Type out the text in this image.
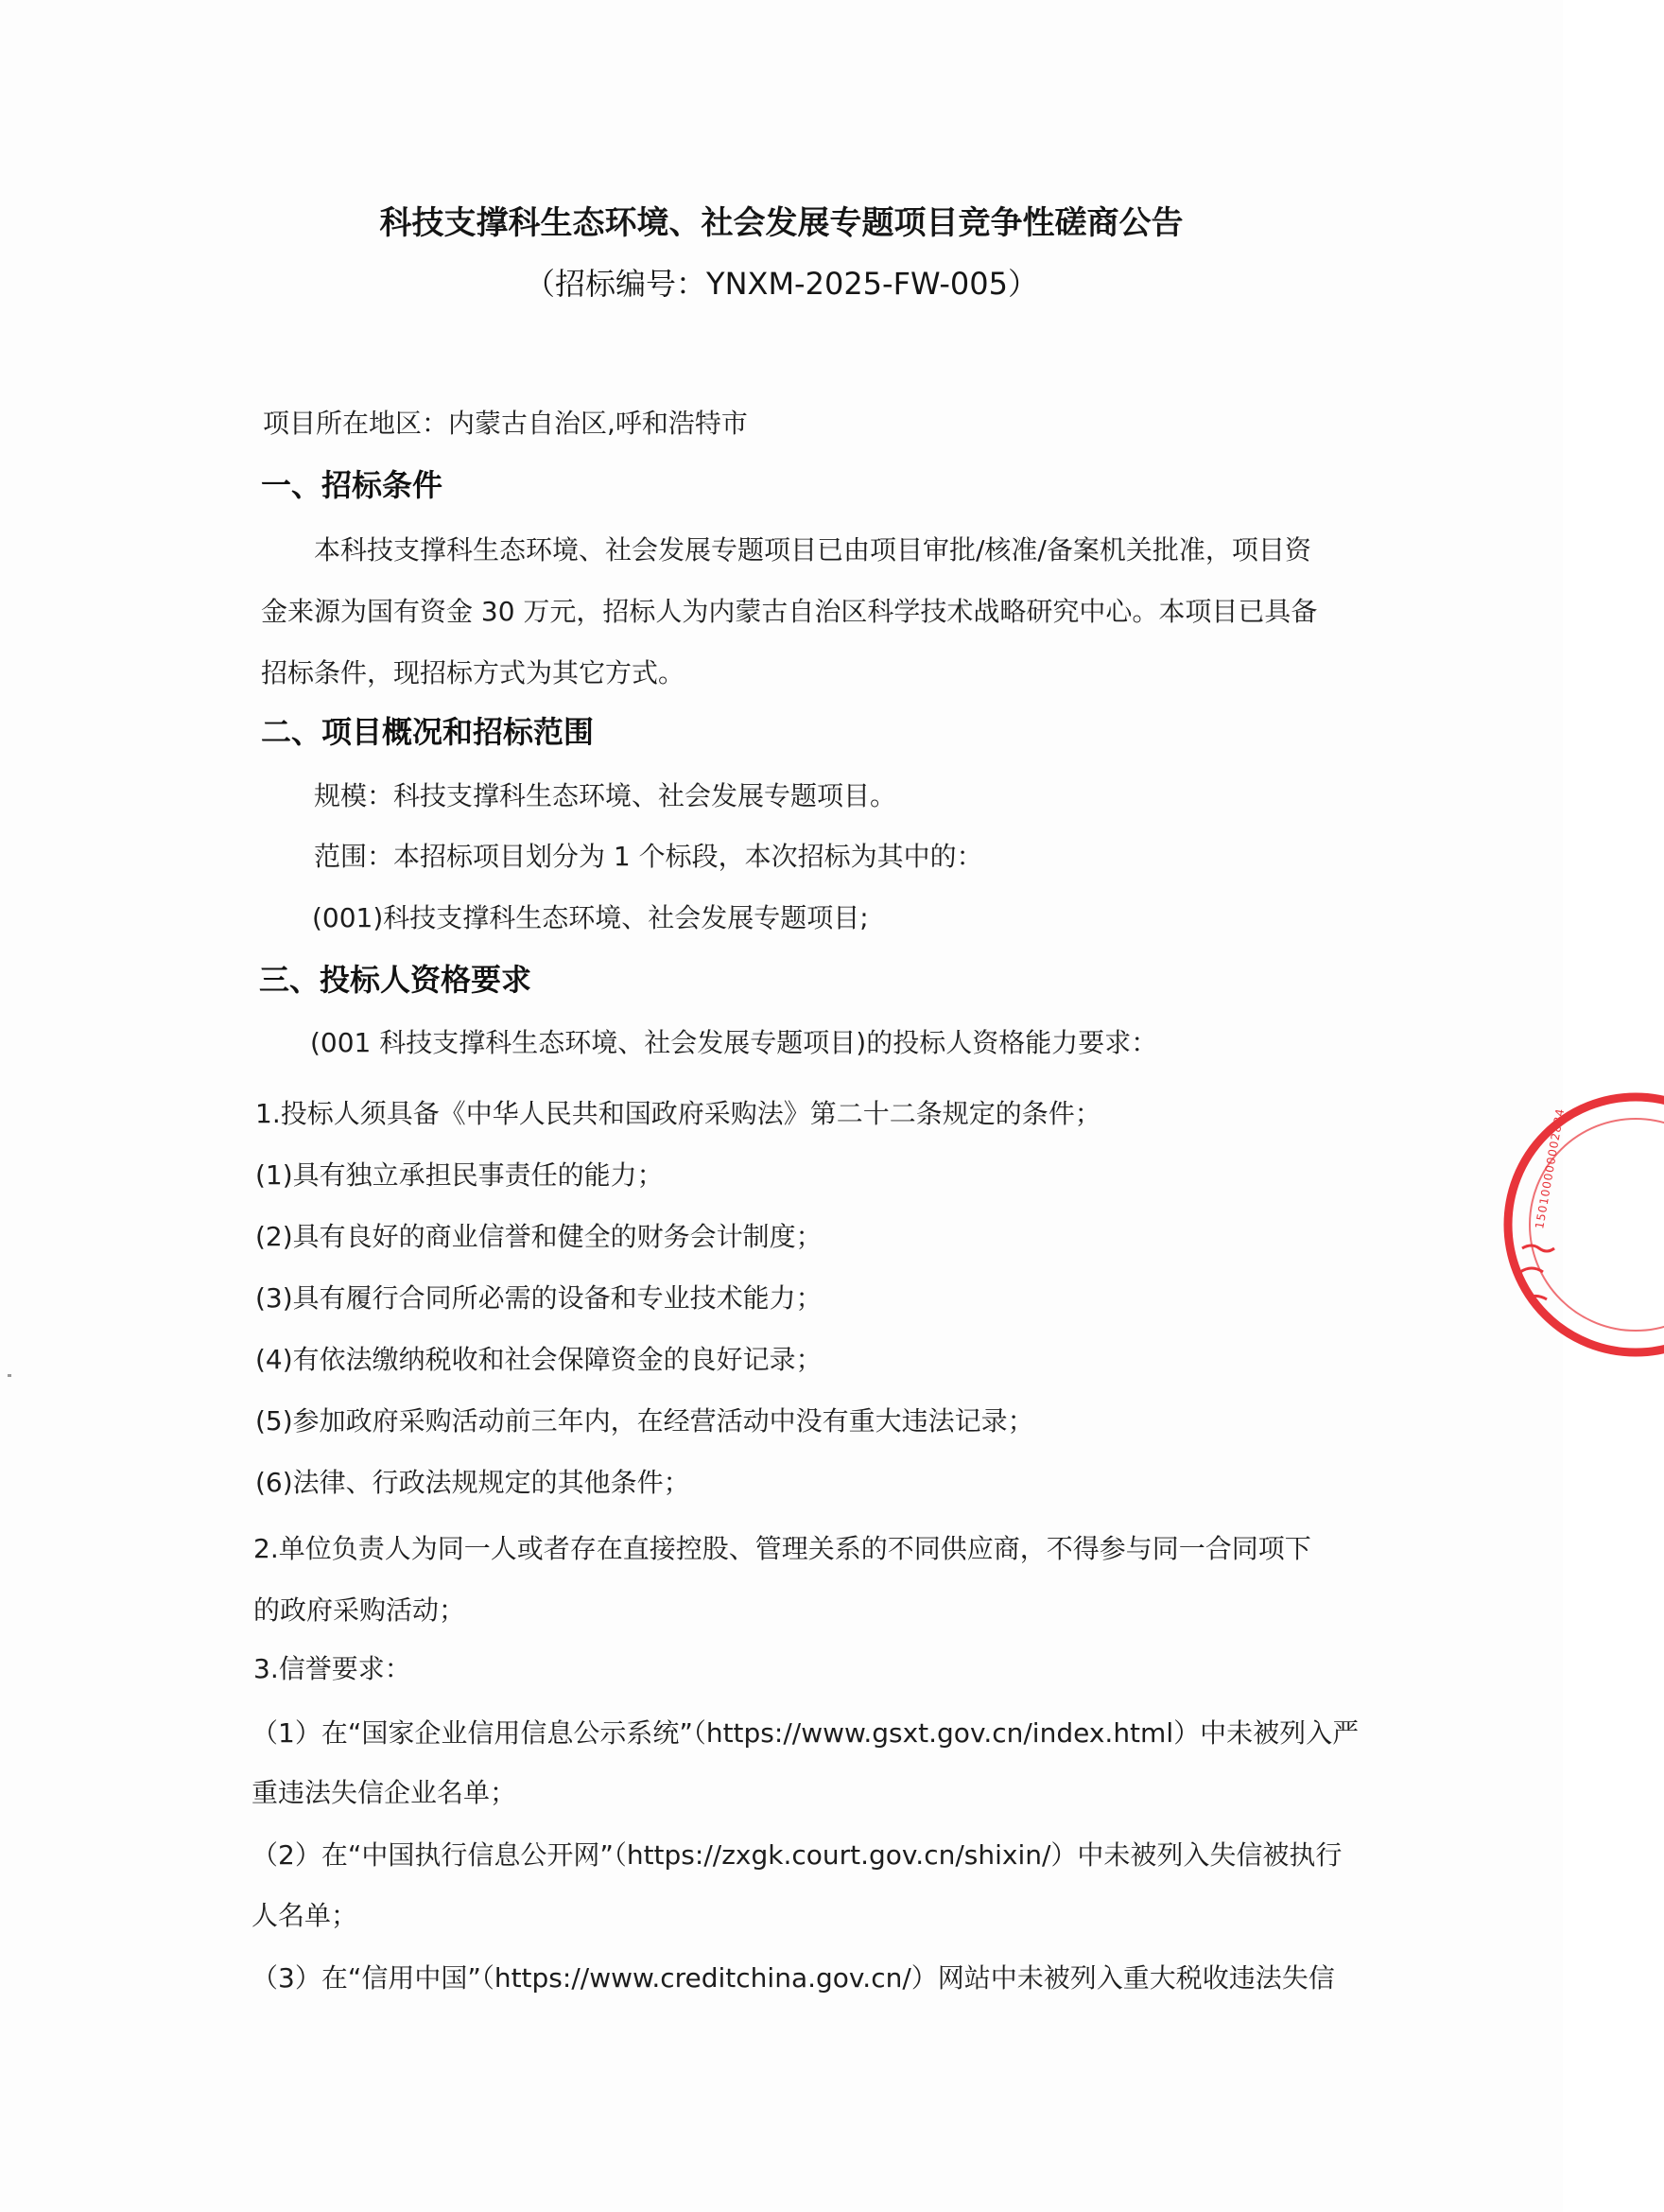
科技支撑科生态环境、社会发展专题项目竞争性磋商公告
（招标编号：YNXM-2025-FW-005）
项目所在地区：内蒙古自治区,呼和浩特市
一、招标条件
本科技支撑科生态环境、社会发展专题项目已由项目审批/核准/备案机关批准，项目资
金来源为国有资金 30 万元，招标人为内蒙古自治区科学技术战略研究中心。本项目已具备
招标条件，现招标方式为其它方式。
二、项目概况和招标范围
规模：科技支撑科生态环境、社会发展专题项目。
范围：本招标项目划分为 1 个标段，本次招标为其中的：
(001)科技支撑科生态环境、社会发展专题项目;
三、投标人资格要求
(001 科技支撑科生态环境、社会发展专题项目)的投标人资格能力要求：
1.投标人须具备《中华人民共和国政府采购法》第二十二条规定的条件；
(1)具有独立承担民事责任的能力；
(2)具有良好的商业信誉和健全的财务会计制度；
(3)具有履行合同所必需的设备和专业技术能力；
(4)有依法缴纳税收和社会保障资金的良好记录；
(5)参加政府采购活动前三年内，在经营活动中没有重大违法记录；
(6)法律、行政法规规定的其他条件；
2.单位负责人为同一人或者存在直接控股、管理关系的不同供应商，不得参与同一合同项下
的政府采购活动；
3.信誉要求：
（1）在“国家企业信用信息公示系统”（https://www.gsxt.gov.cn/index.html）中未被列入严
重违法失信企业名单；
（2）在“中国执行信息公开网”（https://zxgk.court.gov.cn/shixin/）中未被列入失信被执行
人名单；
（3）在“信用中国”（https://www.creditchina.gov.cn/）网站中未被列入重大税收违法失信
150100000002884
